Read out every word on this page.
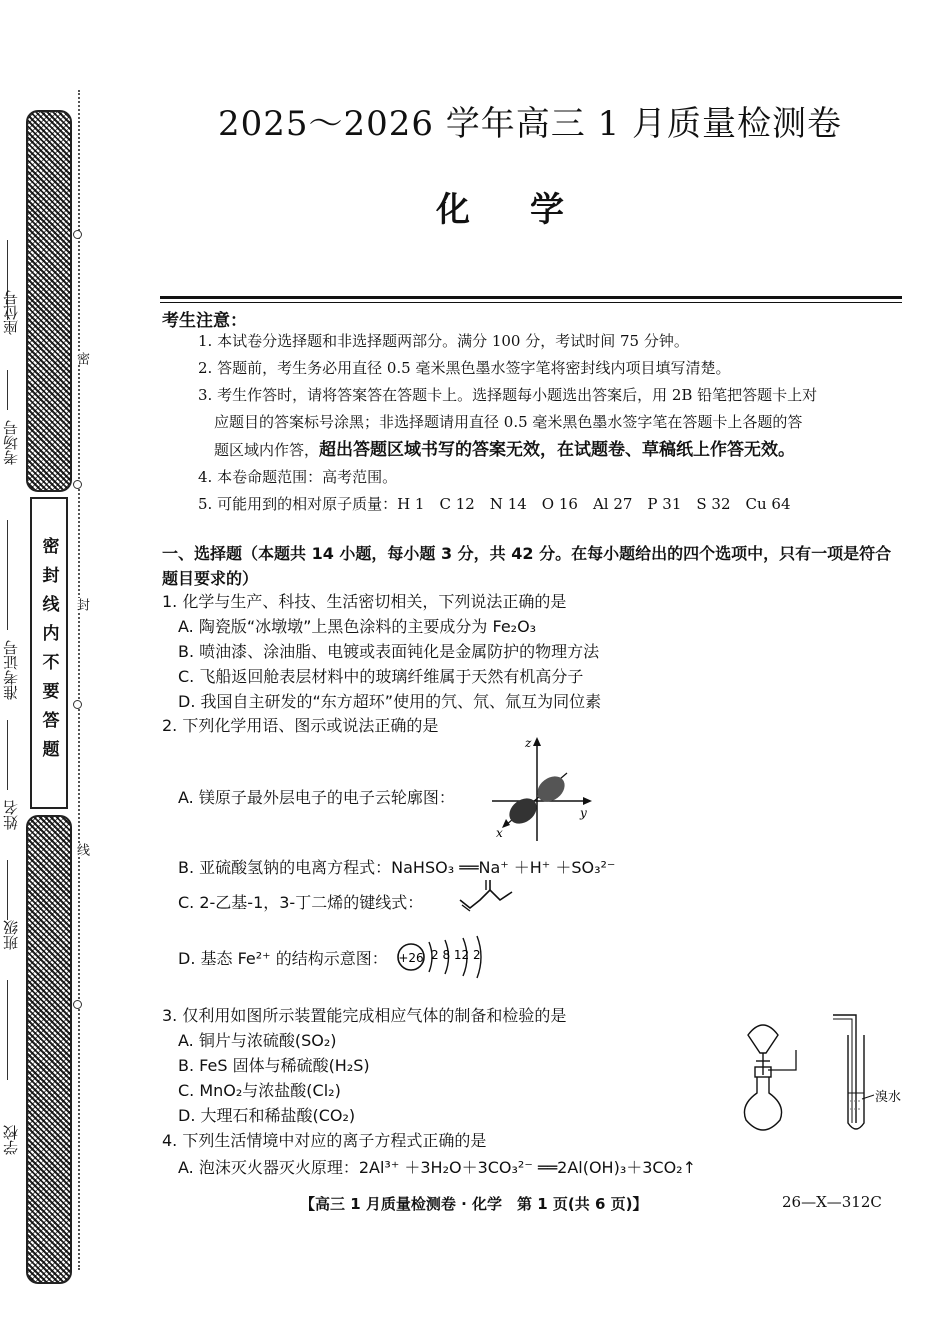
密封线内不要答题
座位号
考场号
准考证号
姓名
班级
学校
密
封
线
2025～2026 学年高三 1 月质量检测卷
化学
考生注意：
1. 本试卷分选择题和非选择题两部分。满分 100 分，考试时间 75 分钟。
2. 答题前，考生务必用直径 0.5 毫米黑色墨水签字笔将密封线内项目填写清楚。
3. 考生作答时，请将答案答在答题卡上。选择题每小题选出答案后，用 2B 铅笔把答题卡上对
应题目的答案标号涂黑；非选择题请用直径 0.5 毫米黑色墨水签字笔在答题卡上各题的答
题区域内作答，超出答题区域书写的答案无效，在试题卷、草稿纸上作答无效。
4. 本卷命题范围：高考范围。
5. 可能用到的相对原子质量：H 1　C 12　N 14　O 16　Al 27　P 31　S 32　Cu 64
一、选择题（本题共 14 小题，每小题 3 分，共 42 分。在每小题给出的四个选项中，只有一项是符合题目要求的）
1. 化学与生产、科技、生活密切相关，下列说法正确的是
A. 陶瓷版“冰墩墩”上黑色涂料的主要成分为 Fe₂O₃
B. 喷油漆、涂油脂、电镀或表面钝化是金属防护的物理方法
C. 飞船返回舱表层材料中的玻璃纤维属于天然有机高分子
D. 我国自主研发的“东方超环”使用的氕、氘、氚互为同位素
2. 下列化学用语、图示或说法正确的是
A. 镁原子最外层电子的电子云轮廓图：
z
y
x
B. 亚硫酸氢钠的电离方程式：NaHSO₃ ══Na⁺ ＋H⁺ ＋SO₃²⁻
C. 2-乙基-1，3-丁二烯的键线式：
D. 基态 Fe²⁺ 的结构示意图： +26 2 8 12 2
3. 仅利用如图所示装置能完成相应气体的制备和检验的是
A. 铜片与浓硫酸(SO₂)
B. FeS 固体与稀硫酸(H₂S)
C. MnO₂与浓盐酸(Cl₂)
D. 大理石和稀盐酸(CO₂)
溴水
4. 下列生活情境中对应的离子方程式正确的是
A. 泡沫灭火器灭火原理：2Al³⁺ ＋3H₂O＋3CO₃²⁻ ══2Al(OH)₃＋3CO₂↑
【高三 1 月质量检测卷 · 化学　第 1 页(共 6 页)】	26—X—312C
